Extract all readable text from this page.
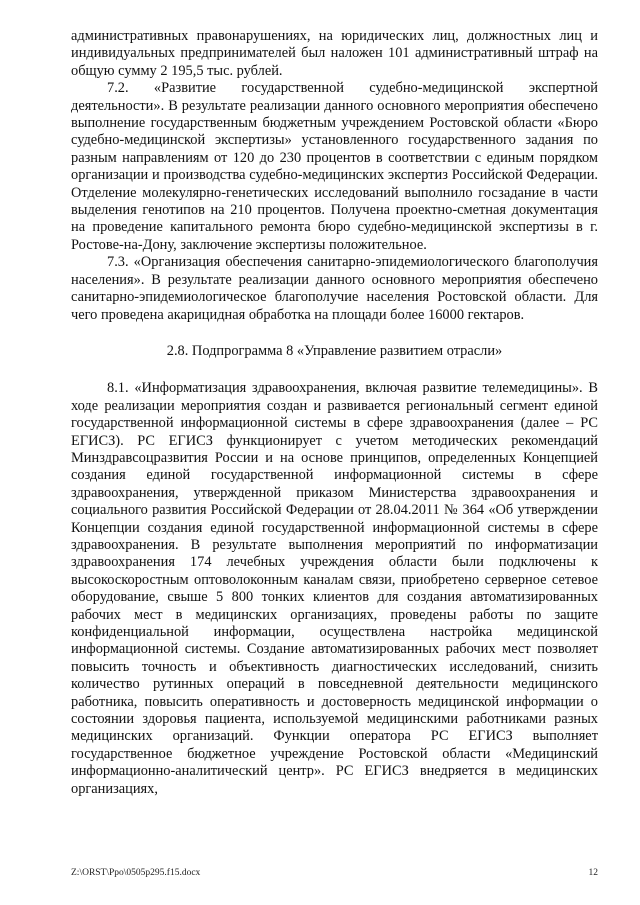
административных правонарушениях, на юридических лиц, должностных лиц и индивидуальных предпринимателей был наложен 101 административный штраф на общую сумму 2 195,5 тыс. рублей.

7.2. «Развитие государственной судебно-медицинской экспертной деятельности». В результате реализации данного основного мероприятия обеспечено выполнение государственным бюджетным учреждением Ростовской области «Бюро судебно-медицинской экспертизы» установленного государственного задания по разным направлениям от 120 до 230 процентов в соответствии с единым порядком организации и производства судебно-медицинских экспертиз Российской Федерации. Отделение молекулярно-генетических исследований выполнило госзадание в части выделения генотипов на 210 процентов. Получена проектно-сметная документация на проведение капитального ремонта бюро судебно-медицинской экспертизы в г. Ростове-на-Дону, заключение экспертизы положительное.

7.3. «Организация обеспечения санитарно-эпидемиологического благополучия населения». В результате реализации данного основного мероприятия обеспечено санитарно-эпидемиологическое благополучие населения Ростовской области. Для чего проведена акарицидная обработка на площади более 16000 гектаров.

2.8. Подпрограмма 8 «Управление развитием отрасли»

8.1. «Информатизация здравоохранения, включая развитие телемедицины». В ходе реализации мероприятия создан и развивается региональный сегмент единой государственной информационной системы в сфере здравоохранения (далее – РС ЕГИСЗ). РС ЕГИСЗ функционирует с учетом методических рекомендаций Минздравсоцразвития России и на основе принципов, определенных Концепцией создания единой государственной информационной системы в сфере здравоохранения, утвержденной приказом Министерства здравоохранения и социального развития Российской Федерации от 28.04.2011 № 364 «Об утверждении Концепции создания единой государственной информационной системы в сфере здравоохранения. В результате выполнения мероприятий по информатизации здравоохранения 174 лечебных учреждения области были подключены к высокоскоростным оптоволоконным каналам связи, приобретено серверное сетевое оборудование, свыше 5 800 тонких клиентов для создания автоматизированных рабочих мест в медицинских организациях, проведены работы по защите конфиденциальной информации, осуществлена настройка медицинской информационной системы. Создание автоматизированных рабочих мест позволяет повысить точность и объективность диагностических исследований, снизить количество рутинных операций в повседневной деятельности медицинского работника, повысить оперативность и достоверность медицинской информации о состоянии здоровья пациента, используемой медицинскими работниками разных медицинских организаций. Функции оператора РС ЕГИСЗ выполняет государственное бюджетное учреждение Ростовской области «Медицинский информационно-аналитический центр». РС ЕГИСЗ внедряется в медицинских организациях,

Z:\ORST\Ppo\0505p295.f15.docx	12
